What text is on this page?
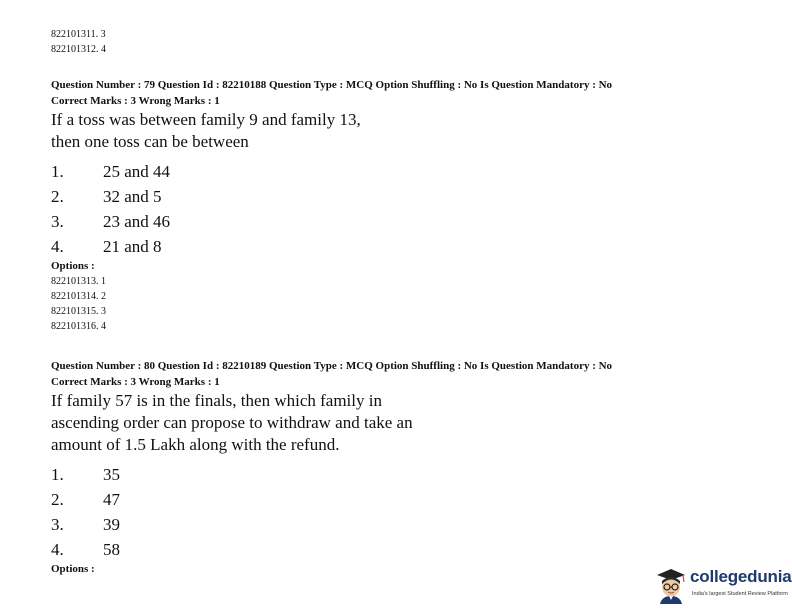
822101311. 3
822101312. 4
Question Number : 79 Question Id : 82210188 Question Type : MCQ Option Shuffling : No Is Question Mandatory : No
Correct Marks : 3 Wrong Marks : 1
If a toss was between family 9 and family 13,
then one toss can be between
1.	25 and 44
2.	32 and 5
3.	23 and 46
4.	21 and 8
Options :
822101313. 1
822101314. 2
822101315. 3
822101316. 4
Question Number : 80 Question Id : 82210189 Question Type : MCQ Option Shuffling : No Is Question Mandatory : No
Correct Marks : 3 Wrong Marks : 1
If family 57 is in the finals, then which family in
ascending order can propose to withdraw and take an
amount of 1.5 Lakh along with the refund.
1.	35
2.	47
3.	39
4.	58
Options :	collegedunia
India's largest Student Review Platform
